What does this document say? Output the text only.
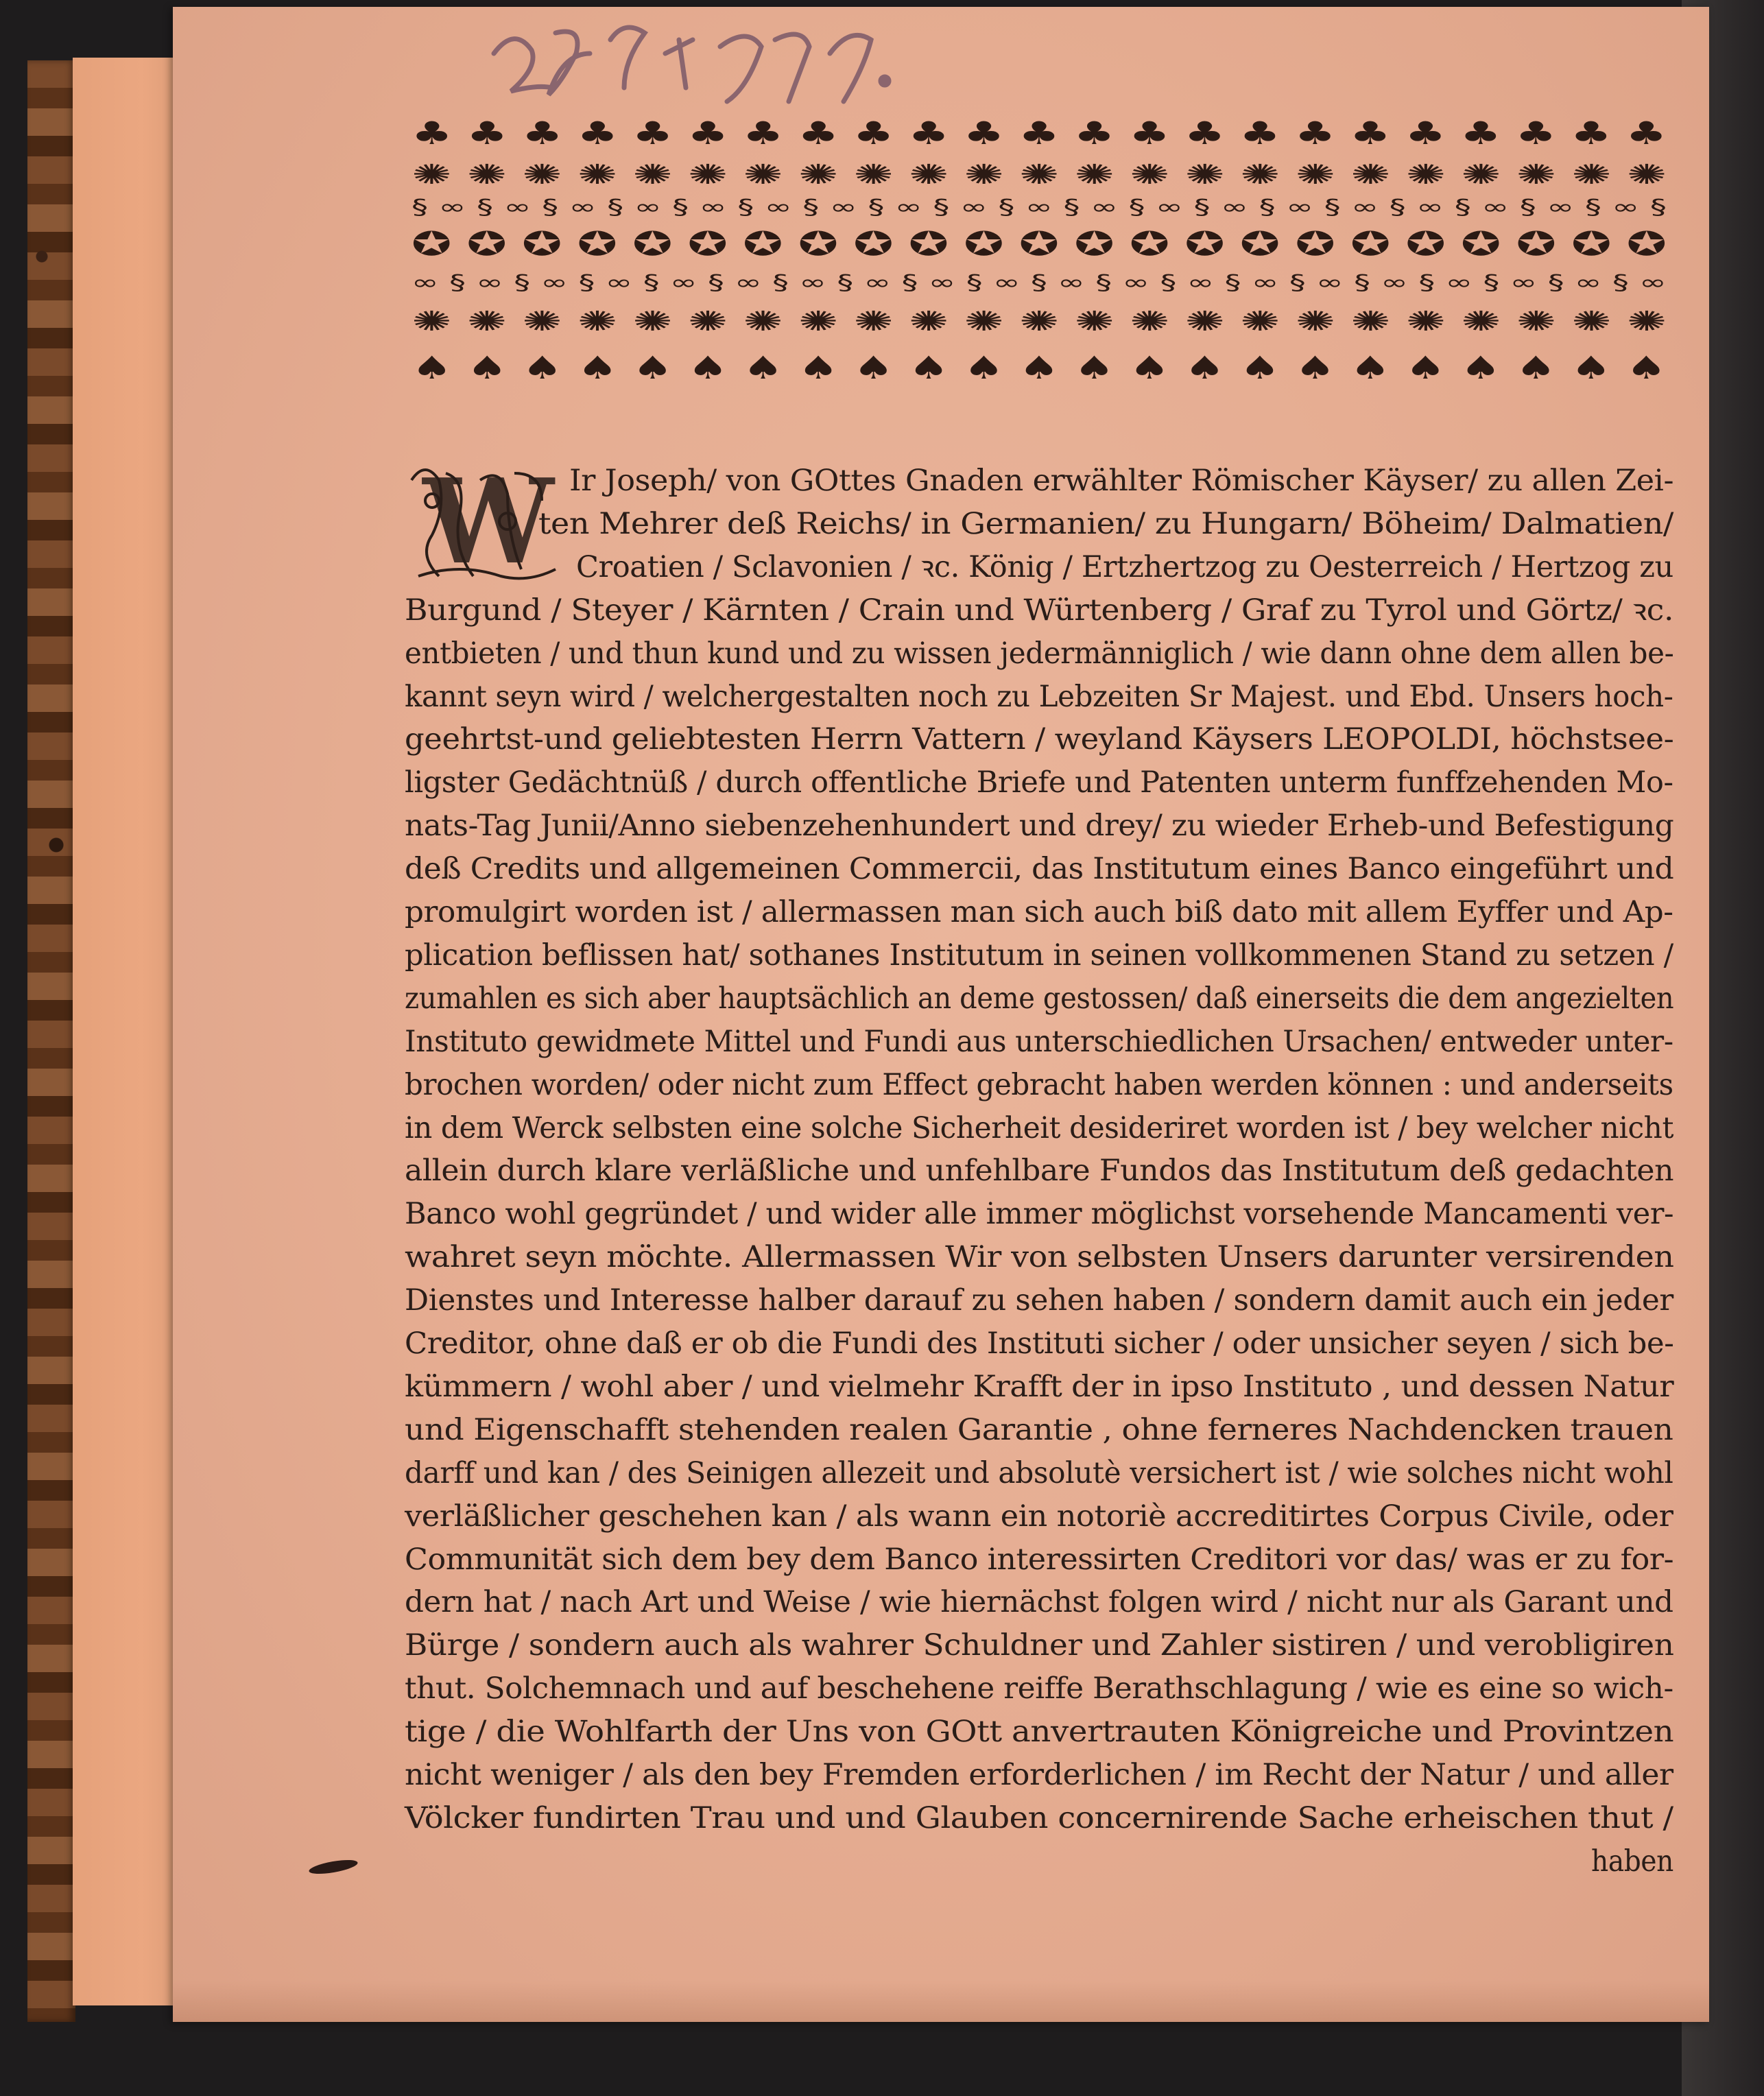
♣ ♣ ♣ ♣ ♣ ♣ ♣ ♣ ♣ ♣ ♣ ♣ ♣ ♣ ♣ ♣ ♣ ♣ ♣ ♣ ♣ ♣ ♣
✺ ✺ ✺ ✺ ✺ ✺ ✺ ✺ ✺ ✺ ✺ ✺ ✺ ✺ ✺ ✺ ✺ ✺ ✺ ✺ ✺ ✺ ✺
§ ∞ § ∞ § ∞ § ∞ § ∞ § ∞ § ∞ § ∞ § ∞ § ∞ § ∞ § ∞ § ∞ § ∞ § ∞ § ∞ § ∞ § ∞ § ∞ §
✪ ✪ ✪ ✪ ✪ ✪ ✪ ✪ ✪ ✪ ✪ ✪ ✪ ✪ ✪ ✪ ✪ ✪ ✪ ✪ ✪ ✪ ✪
∞ § ∞ § ∞ § ∞ § ∞ § ∞ § ∞ § ∞ § ∞ § ∞ § ∞ § ∞ § ∞ § ∞ § ∞ § ∞ § ∞ § ∞ § ∞ § ∞
✺ ✺ ✺ ✺ ✺ ✺ ✺ ✺ ✺ ✺ ✺ ✺ ✺ ✺ ✺ ✺ ✺ ✺ ✺ ✺ ✺ ✺ ✺
♠ ♠ ♠ ♠ ♠ ♠ ♠ ♠ ♠ ♠ ♠ ♠ ♠ ♠ ♠ ♠ ♠ ♠ ♠ ♠ ♠ ♠ ♠
W Ir Joseph/ von GOttes Gnaden erwählter Römischer Käyser/ zu allen Zei-
ten Mehrer deß Reichs/ in Germanien/ zu Hungarn/ Böheim/ Dalmatien/
Croatien / Sclavonien / ꝛc. König / Ertzhertzog zu Oesterreich / Hertzog zu
Burgund / Steyer / Kärnten / Crain und Würtenberg / Graf zu Tyrol und Görtz/ ꝛc.
entbieten / und thun kund und zu wissen jedermänniglich / wie dann ohne dem allen be-
kannt seyn wird / welchergestalten noch zu Lebzeiten Sr Majest. und Ebd. Unsers hoch-
geehrtst-und geliebtesten Herrn Vattern / weyland Käysers LEOPOLDI, höchstsee-
ligster Gedächtnüß / durch offentliche Briefe und Patenten unterm funffzehenden Mo-
nats-Tag Junii/Anno siebenzehenhundert und drey/ zu wieder Erheb-und Befestigung
deß Credits und allgemeinen Commercii, das Institutum eines Banco eingeführt und
promulgirt worden ist / allermassen man sich auch biß dato mit allem Eyffer und Ap-
plication beflissen hat/ sothanes Institutum in seinen vollkommenen Stand zu setzen /
zumahlen es sich aber hauptsächlich an deme gestossen/ daß einerseits die dem angezielten
Instituto gewidmete Mittel und Fundi aus unterschiedlichen Ursachen/ entweder unter-
brochen worden/ oder nicht zum Effect gebracht haben werden können : und anderseits
in dem Werck selbsten eine solche Sicherheit desideriret worden ist / bey welcher nicht
allein durch klare verläßliche und unfehlbare Fundos das Institutum deß gedachten
Banco wohl gegründet / und wider alle immer möglichst vorsehende Mancamenti ver-
wahret seyn möchte. Allermassen Wir von selbsten Unsers darunter versirenden
Dienstes und Interesse halber darauf zu sehen haben / sondern damit auch ein jeder
Creditor, ohne daß er ob die Fundi des Instituti sicher / oder unsicher seyen / sich be-
kümmern / wohl aber / und vielmehr Krafft der in ipso Instituto , und dessen Natur
und Eigenschafft stehenden realen Garantie , ohne ferneres Nachdencken trauen
darff und kan / des Seinigen allezeit und absolutè versichert ist / wie solches nicht wohl
verläßlicher geschehen kan / als wann ein notoriè accreditirtes Corpus Civile, oder
Communität sich dem bey dem Banco interessirten Creditori vor das/ was er zu for-
dern hat / nach Art und Weise / wie hiernächst folgen wird / nicht nur als Garant und
Bürge / sondern auch als wahrer Schuldner und Zahler sistiren / und verobligiren
thut. Solchemnach und auf beschehene reiffe Berathschlagung / wie es eine so wich-
tige / die Wohlfarth der Uns von GOtt anvertrauten Königreiche und Provintzen
nicht weniger / als den bey Fremden erforderlichen / im Recht der Natur / und aller
Völcker fundirten Trau und und Glauben concernirende Sache erheischen thut /
haben
